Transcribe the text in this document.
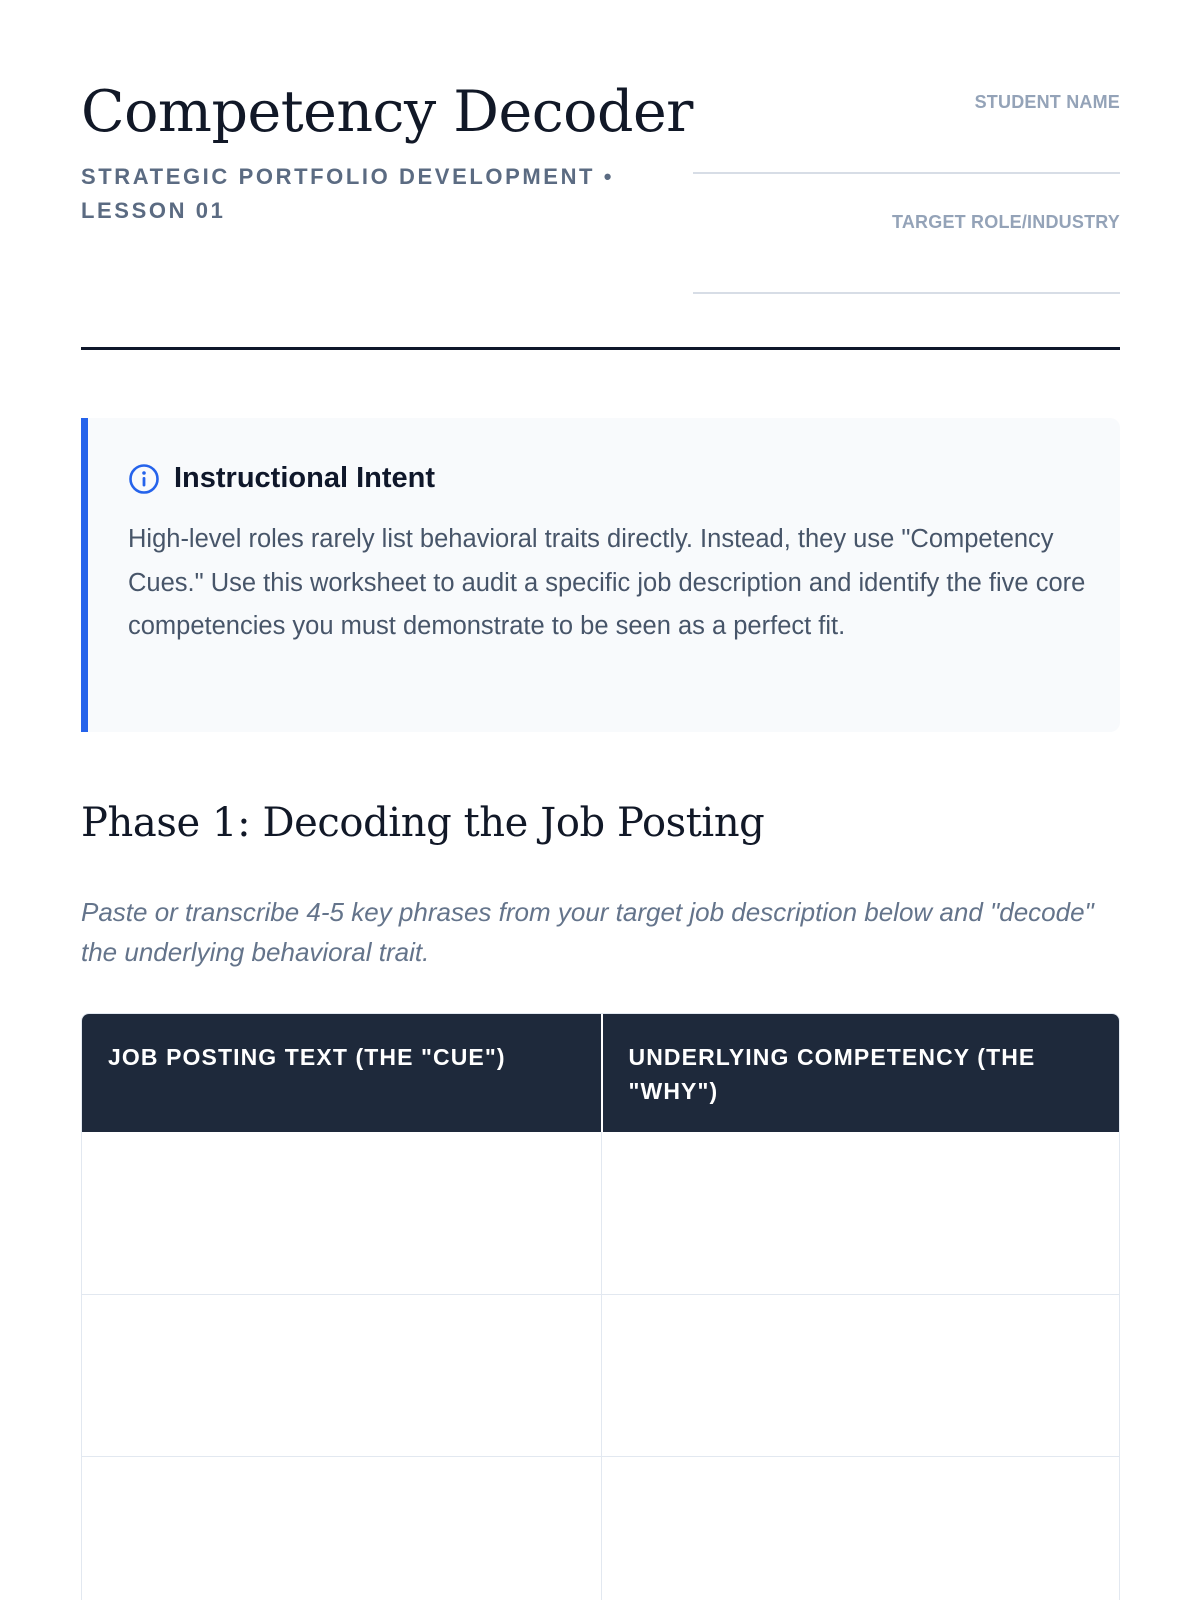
Competency Decoder
STRATEGIC PORTFOLIO DEVELOPMENT • LESSON 01
STUDENT NAME
TARGET ROLE/INDUSTRY
Instructional Intent

High-level roles rarely list behavioral traits directly. Instead, they use "Competency Cues." Use this worksheet to audit a specific job description and identify the five core competencies you must demonstrate to be seen as a perfect fit.

Phase 1: Decoding the Job Posting

Paste or transcribe 4-5 key phrases from your target job description below and "decode" the underlying behavioral trait.

JOB POSTING TEXT (THE "CUE")	UNDERLYING COMPETENCY (THE "WHY")
